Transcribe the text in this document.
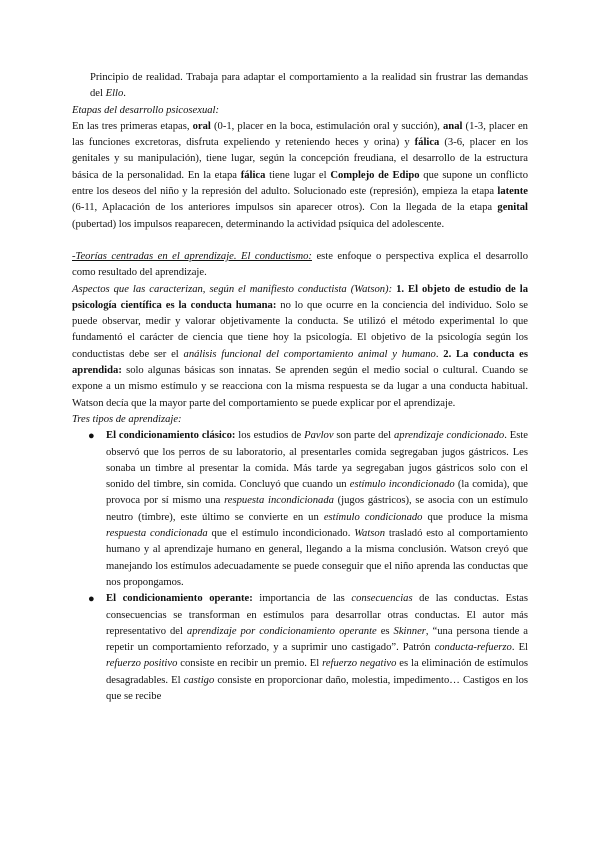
Principio de realidad. Trabaja para adaptar el comportamiento a la realidad sin frustrar las demandas del Ello.

Etapas del desarrollo psicosexual:

En las tres primeras etapas, oral (0-1, placer en la boca, estimulación oral y succión), anal (1-3, placer en las funciones excretoras, disfruta expeliendo y reteniendo heces y orina) y fálica (3-6, placer en los genitales y su manipulación), tiene lugar, según la concepción freudiana, el desarrollo de la estructura básica de la personalidad. En la etapa fálica tiene lugar el Complejo de Edipo que supone un conflicto entre los deseos del niño y la represión del adulto. Solucionado este (represión), empieza la etapa latente (6-11, Aplacación de los anteriores impulsos sin aparecer otros). Con la llegada de la etapa genital (pubertad) los impulsos reaparecen, determinando la actividad psíquica del adolescente.

-Teorías centradas en el aprendizaje. El conductismo: este enfoque o perspectiva explica el desarrollo como resultado del aprendizaje.

Aspectos que las caracterizan, según el manifiesto conductista (Watson): 1. El objeto de estudio de la psicología científica es la conducta humana: no lo que ocurre en la conciencia del individuo. Solo se puede observar, medir y valorar objetivamente la conducta. Se utilizó el método experimental lo que fundamentó el carácter de ciencia que tiene hoy la psicología. El objetivo de la psicología según los conductistas debe ser el análisis funcional del comportamiento animal y humano. 2. La conducta es aprendida: solo algunas básicas son innatas. Se aprenden según el medio social o cultural. Cuando se expone a un mismo estímulo y se reacciona con la misma respuesta se da lugar a una conducta habitual. Watson decía que la mayor parte del comportamiento se puede explicar por el aprendizaje.

Tres tipos de aprendizaje:

● El condicionamiento clásico: los estudios de Pavlov son parte del aprendizaje condicionado. Este observó que los perros de su laboratorio, al presentarles comida segregaban jugos gástricos. Les sonaba un timbre al presentar la comida. Más tarde ya segregaban jugos gástricos solo con el sonido del timbre, sin comida. Concluyó que cuando un estímulo incondicionado (la comida), que provoca por sí mismo una respuesta incondicionada (jugos gástricos), se asocia con un estímulo neutro (timbre), este último se convierte en un estímulo condicionado que produce la misma respuesta condicionada que el estímulo incondicionado. Watson trasladó esto al comportamiento humano y al aprendizaje humano en general, llegando a la misma conclusión. Watson creyó que manejando los estímulos adecuadamente se puede conseguir que el niño aprenda las conductas que nos propongamos.
● El condicionamiento operante: importancia de las consecuencias de las conductas. Estas consecuencias se transforman en estímulos para desarrollar otras conductas. El autor más representativo del aprendizaje por condicionamiento operante es Skinner, “una persona tiende a repetir un comportamiento reforzado, y a suprimir uno castigado”. Patrón conducta-refuerzo. El refuerzo positivo consiste en recibir un premio. El refuerzo negativo es la eliminación de estímulos desagradables. El castigo consiste en proporcionar daño, molestia, impedimento… Castigos en los que se recibe
